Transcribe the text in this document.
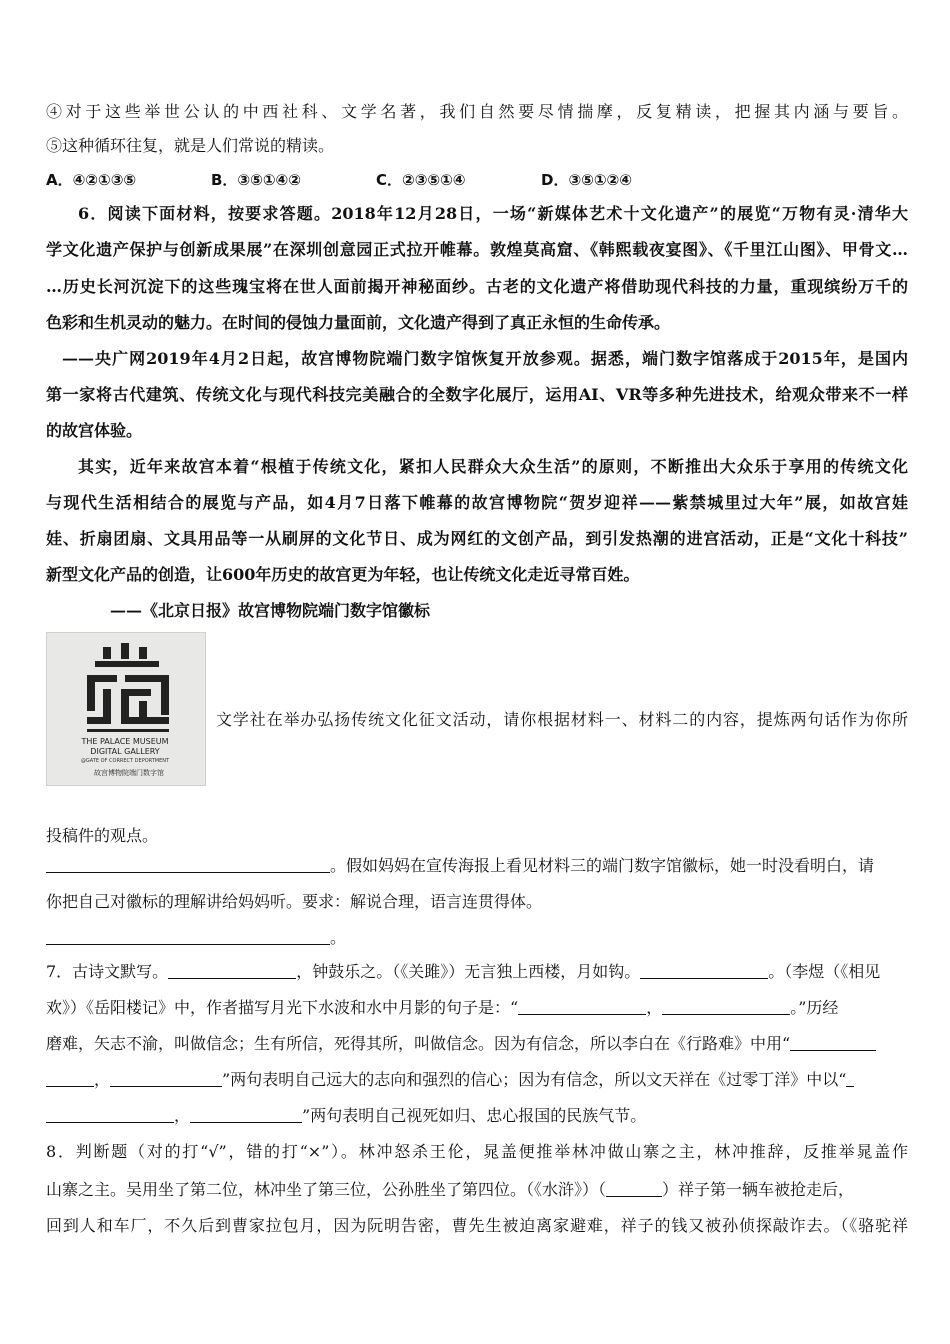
④对于这些举世公认的中西社科、文学名著，我们自然要尽情揣摩，反复精读，把握其内涵与要旨。
⑤这种循环往复，就是人们常说的精读。
A．④②①③⑤	B．③⑤①④②	C．②③⑤①④	D．③⑤①②④
6．阅读下面材料，按要求答题。2018年12月28日，一场“新媒体艺术十文化遗产”的展览“万物有灵·清华大
学文化遗产保护与创新成果展”在深圳创意园正式拉开帷幕。敦煌莫高窟、《韩熙载夜宴图》、《千里江山图》、甲骨文…
…历史长河沉淀下的这些瑰宝将在世人面前揭开神秘面纱。古老的文化遗产将借助现代科技的力量，重现缤纷万千的
色彩和生机灵动的魅力。在时间的侵蚀力量面前，文化遗产得到了真正永恒的生命传承。
——央广网2019年4月2日起，故宫博物院端门数字馆恢复开放参观。据悉，端门数字馆落成于2015年，是国内
第一家将古代建筑、传统文化与现代科技完美融合的全数字化展厅，运用AI、VR等多种先进技术，给观众带来不一样
的故宫体验。
其实，近年来故宫本着“根植于传统文化，紧扣人民群众大众生活”的原则，不断推出大众乐于享用的传统文化
与现代生活相结合的展览与产品，如4月7日落下帷幕的故宫博物院“贺岁迎祥——紫禁城里过大年”展，如故宫娃
娃、折扇团扇、文具用品等一从刷屏的文化节日、成为网红的文创产品，到引发热潮的进宫活动，正是“文化十科技”
新型文化产品的创造，让600年历史的故宫更为年轻，也让传统文化走近寻常百姓。
——《北京日报》故宫博物院端门数字馆徽标
THE PALACE MUSEUM
DIGITAL GALLERY
@GATE OF CORRECT DEPORTMENT
故宫博物院端门数字馆
文学社在举办弘扬传统文化征文活动，请你根据材料一、材料二的内容，提炼两句话作为你所
投稿件的观点。
。假如妈妈在宣传海报上看见材料三的端门数字馆徽标，她一时没看明白，请
你把自己对徽标的理解讲给妈妈听。要求：解说合理，语言连贯得体。
。
7．古诗文默写。	，钟鼓乐之。（《关雎》）无言独上西楼，月如钩。	。（李煜（《相见
欢》）《岳阳楼记》中，作者描写月光下水波和水中月影的句子是：“	，	。”历经
磨难，矢志不渝，叫做信念；生有所信，死得其所，叫做信念。因为有信念，所以李白在《行路难》中用“
，	”两句表明自己远大的志向和强烈的信心；因为有信念，所以文天祥在《过零丁洋》中以“
，	”两句表明自己视死如归、忠心报国的民族气节。
8．判断题（对的打“√”，错的打“×”）。林冲怒杀王伦，晁盖便推举林冲做山寨之主，林冲推辞，反推举晁盖作
山寨之主。吴用坐了第二位，林冲坐了第三位，公孙胜坐了第四位。（《水浒》）（	）祥子第一辆车被抢走后，
回到人和车厂，不久后到曹家拉包月，因为阮明告密，曹先生被迫离家避难，祥子的钱又被孙侦探敲诈去。（《骆驼祥
